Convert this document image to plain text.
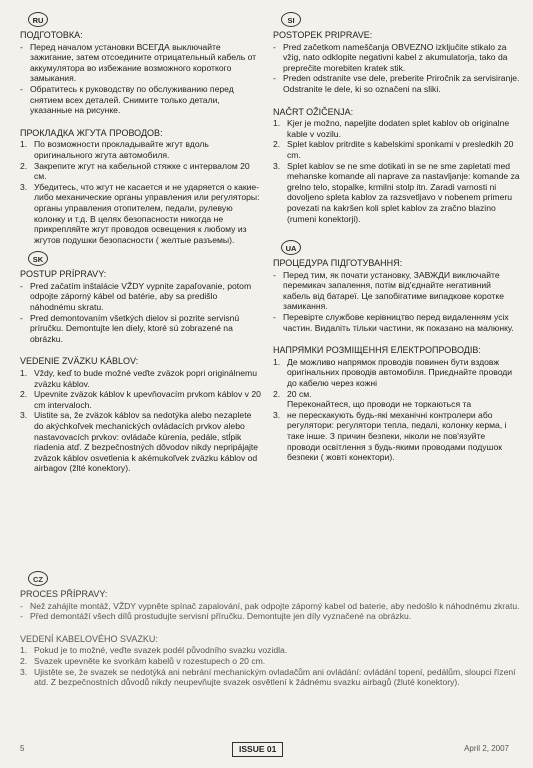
RU
ПОДГОТОВКА:
- Перед началом установки ВСЕГДА выключайте зажигание, затем отсоедините отрицательный кабель от аккумулятора во избежание возможного короткого замыкания.
- Обратитесь к руководству по обслуживанию перед снятием всех деталей. Снимите только детали, указанные на рисунке.
ПРОКЛАДКА ЖГУТА ПРОВОДОВ:
1. По возможности прокладывайте жгут вдоль оригинального жгута автомобиля.
2. Закрепите жгут на кабельной стяжке с интервалом 20 см.
3. Убедитесь, что жгут не касается и не ударяется о какие-либо механические органы управления или регуляторы: органы управления отопителем, педали, рулевую колонку и т.д. В целях безопасности никогда не прикрепляйте жгут проводов освещения к любому из жгутов подушки безопасности ( желтые разъемы).
SK
POSTUP PRÍPRAVY:
- Pred začatím inštalácie VŽDY vypnite zapaľovanie, potom odpojte záporný kábel od batérie, aby sa predišlo náhodnému skratu.
- Pred demontovaním všetkých dielov si pozrite servisnú príručku. Demontujte len diely, ktoré sú zobrazené na obrázku.
VEDENIE ZVÄZKU KÁBLOV:
1. Vždy, keď to bude možné veďte zväzok popri originálnemu zväzku káblov.
2. Upevnite zväzok káblov k upevňovacím prvkom káblov v 20 cm intervaloch.
3. Uistite sa, že zväzok káblov sa nedotýka alebo nezaplete do akýchkoľvek mechanických ovládacích prvkov alebo nastavovacích prvkov: ovládače kúrenia, pedále, stĺpik riadenia atď. Z bezpečnostných dôvodov nikdy nepripájajte zväzok káblov osvetlenia k akémukoľvek zväzku káblov od airbagov (žlté konektory).
SI
POSTOPEK PRIPRAVE:
- Pred začetkom nameščanja OBVEZNO izključite stikalo za vžig, nato odklopite negativni kabel z akumulatorja, tako da preprečite morebiten kratek stik.
- Preden odstranite vse dele, preberite Priročnik za servisiranje. Odstranite le dele, ki so označeni na sliki.
NAČRT OŽIČENJA:
1. Kjer je možno, napeljite dodaten splet kablov ob originalne kable v vozilu.
2. Splet kablov pritrdite s kabelskimi sponkami v presledkih 20 cm.
3. Splet kablov se ne sme dotikati in se ne sme zapletati med mehanske komande ali naprave za nastavljanje: komande za grelno telo, stopalke, krmilni stolp itn. Zaradi varnosti ni dovoljeno spleta kablov za razsvetljavo v nobenem primeru povezati na kakršen koli splet kablov za zračno blazino (rumeni konektorji).
UA
ПРОЦЕДУРА ПІДГОТУВАННЯ:
- Перед тим, як почати установку, ЗАВЖДИ виключайте перемикач запалення, потім від'єднайте негативний кабель від батареї. Це запобігатиме випадкове коротке замикання.
- Перевірте службове керівництво перед видаленням усіх частин. Видаліть тільки частини, як показано на малюнку.
НАПРЯМКИ РОЗМІЩЕННЯ ЕЛЕКТРОПРОВОДІВ:
1. Де можливо напрямок проводів повинен бути вздовж оригінальних проводів автомобіля. Приєднайте проводи до кабелю через кожні
2. 20 см.
Переконайтеся, що проводи не торкаються та
3. не перескакують будь-які механічні контролери або регулятори: регулятори тепла, педалі, колонку керма, і таке інше. З причин безпеки, ніколи не пов'язуйте проводи освітлення з будь-якими проводами подушок безпеки ( жовті конектори).
CZ
PROCES PŘÍPRAVY:
- Než zahájíte montáž, VŽDY vypněte spínač zapalování, pak odpojte záporný kabel od baterie, aby nedošlo k náhodnému zkratu.
- Před demontáží všech dílů prostudujte servisní příručku. Demontujte jen díly vyznačené na obrázku.
VEDENÍ KABELOVÉHO SVAZKU:
1. Pokud je to možné, veďte svazek podél původního svazku vozidla.
2. Svazek upevněte ke svorkám kabelů v rozestupech o 20 cm.
3. Ujistěte se, že svazek se nedotýká ani nebrání mechanickým ovladačům ani ovládání: ovládání topení, pedálům, sloupci řízení atd. Z bezpečnostních důvodů nikdy neupevňujte svazek osvětlení k žádnému svazku airbagů (žluté konektory).
5	ISSUE 01	April 2, 2007
